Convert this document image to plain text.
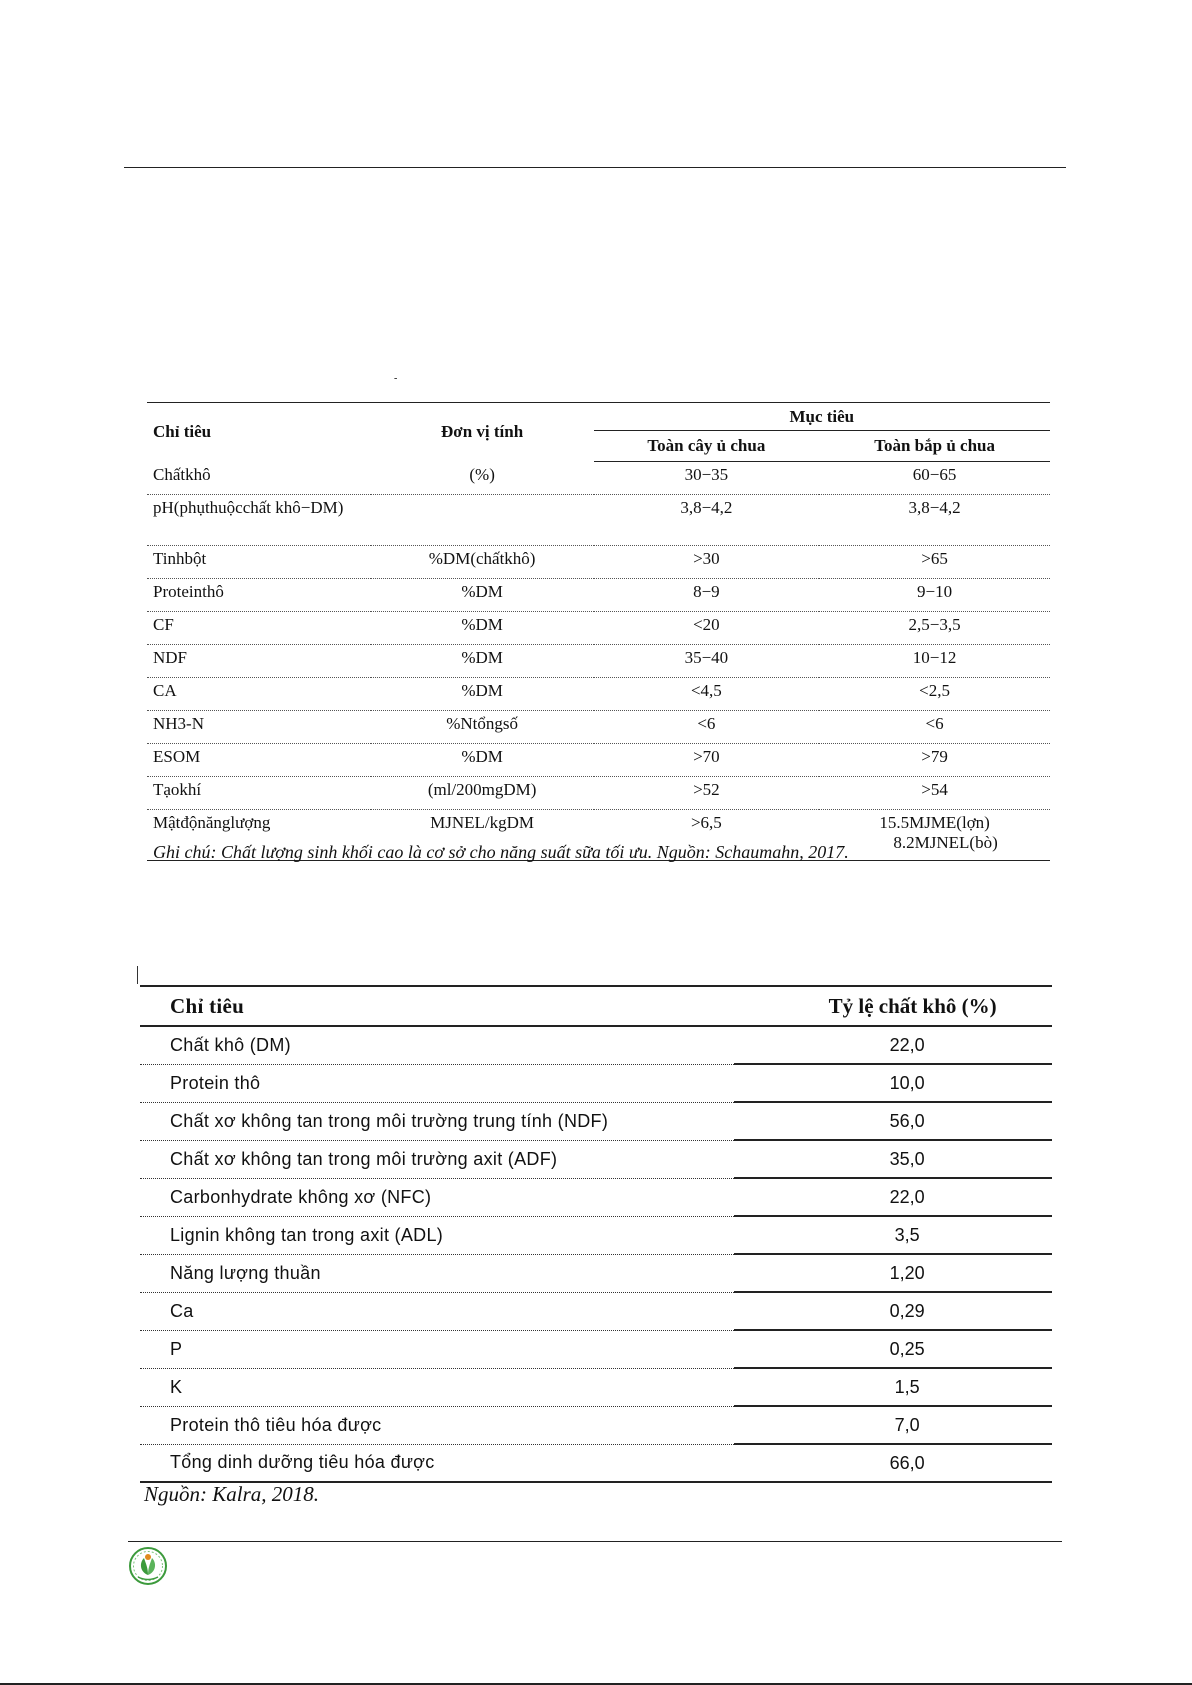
-
Chỉ tiêu	Đơn vị tính	Mục tiêu	
		Toàn cây ủ chua	Toàn bắp ủ chua
Chấtkhô	(%)	30−35	60−65
pH(phụthuộcchất khô−DM)		3,8−4,2	3,8−4,2
Tinhbột	%DM(chấtkhô)	>30	>65
Proteinthô	%DM	8−9	9−10
CF	%DM	<20	2,5−3,5
NDF	%DM	35−40	10−12
CA	%DM	<4,5	<2,5
NH3-N	%Ntổngsố	<6	<6
ESOM	%DM	>70	>79
Tạokhí	(ml/200mgDM)	>52	>54
Mậtđộnănglượng	MJNEL/kgDM	>6,5	15.5MJME(lợn)
8.2MJNEL(bò)
Ghi chú: Chất lượng sinh khối cao là cơ sở cho năng suất sữa tối ưu. Nguồn: Schaumahn, 2017.
Chỉ tiêu	Tỷ lệ chất khô (%)
Chất khô (DM)	22,0
Protein thô	10,0
Chất xơ không tan trong môi trường trung tính (NDF)	56,0
Chất xơ không tan trong môi trường axit (ADF)	35,0
Carbonhydrate không xơ (NFC)	22,0
Lignin không tan trong axit (ADL)	3,5
Năng lượng thuần	1,20
Ca	0,29
P	0,25
K	1,5
Protein thô tiêu hóa được	7,0
Tổng dinh dưỡng tiêu hóa được	66,0
Nguồn: Kalra, 2018.
